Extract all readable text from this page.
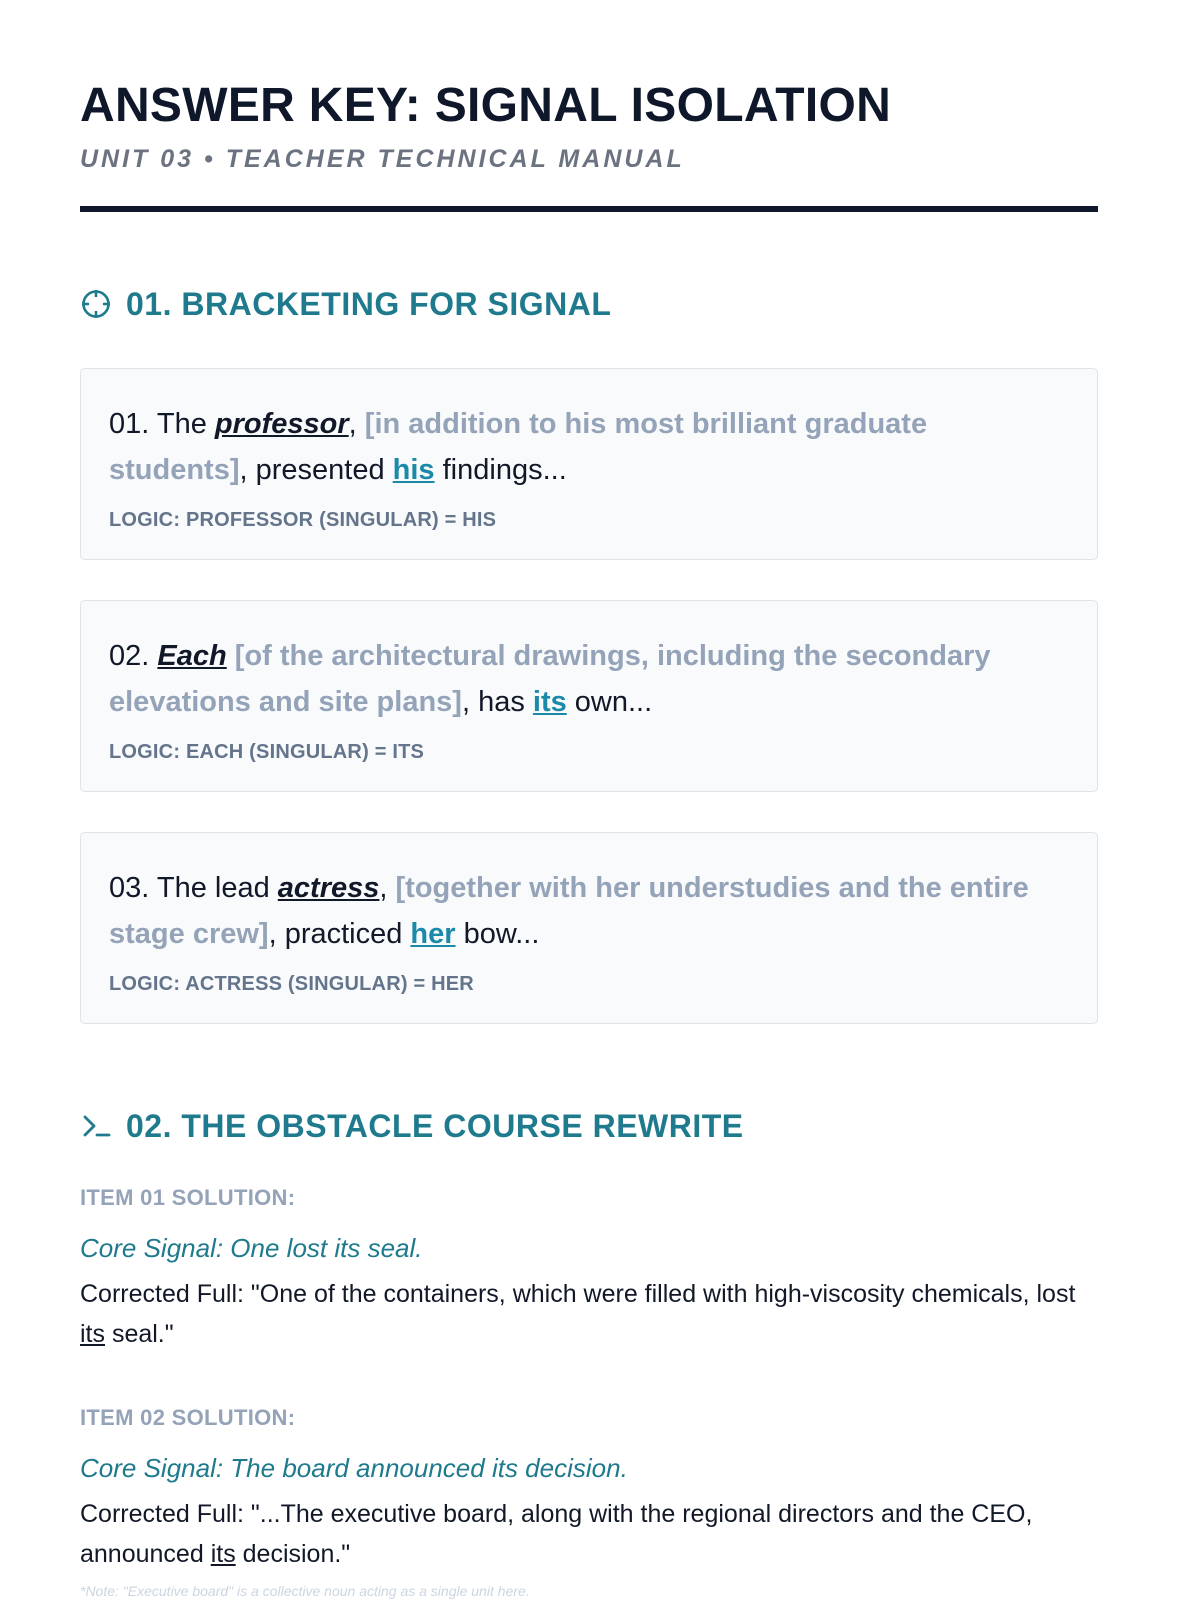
ANSWER KEY: SIGNAL ISOLATION
UNIT 03 • TEACHER TECHNICAL MANUAL
01. BRACKETING FOR SIGNAL

01. The professor, [in addition to his most brilliant graduate students], presented his findings...

LOGIC: PROFESSOR (SINGULAR) = HIS

02. Each [of the architectural drawings, including the secondary elevations and site plans], has its own...

LOGIC: EACH (SINGULAR) = ITS

03. The lead actress, [together with her understudies and the entire stage crew], practiced her bow...

LOGIC: ACTRESS (SINGULAR) = HER
02. THE OBSTACLE COURSE REWRITE
ITEM 01 SOLUTION:
Core Signal: One lost its seal.
Corrected Full: "One of the containers, which were filled with high-viscosity chemicals, lost its seal."
ITEM 02 SOLUTION:
Core Signal: The board announced its decision.
Corrected Full: "...The executive board, along with the regional directors and the CEO, announced its decision."
*Note: "Executive board" is a collective noun acting as a single unit here.
